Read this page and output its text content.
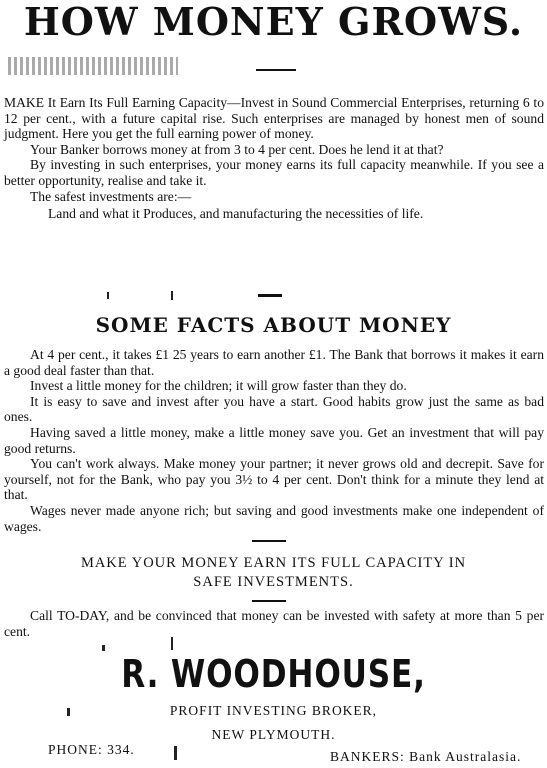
HOW MONEY GROWS.

MAKE It Earn Its Full Earning Capacity—Invest in Sound Commercial Enterprises, returning 6 to 12 per cent., with a future capital rise. Such enterprises are managed by honest men of sound judgment. Here you get the full earning power of money.

Your Banker borrows money at from 3 to 4 per cent. Does he lend it at that?

By investing in such enterprises, your money earns its full capacity meanwhile. If you see a better opportunity, realise and take it.

The safest investments are:—

Land and what it Produces, and manufacturing the necessities of life.

SOME FACTS ABOUT MONEY

At 4 per cent., it takes £1 25 years to earn another £1. The Bank that borrows it makes it earn a good deal faster than that.

Invest a little money for the children; it will grow faster than they do.

It is easy to save and invest after you have a start. Good habits grow just the same as bad ones.

Having saved a little money, make a little money save you. Get an investment that will pay good returns.

You can't work always. Make money your partner; it never grows old and decrepit. Save for yourself, not for the Bank, who pay you 3½ to 4 per cent. Don't think for a minute they lend at that.

Wages never made anyone rich; but saving and good investments make one independent of wages.

MAKE YOUR MONEY EARN ITS FULL CAPACITY IN
SAFE INVESTMENTS.

Call TO-DAY, and be convinced that money can be invested with safety at more than 5 per cent.

R. WOODHOUSE,
PROFIT INVESTING BROKER,
NEW PLYMOUTH.
PHONE: 334.	BANKERS: Bank Australasia.
